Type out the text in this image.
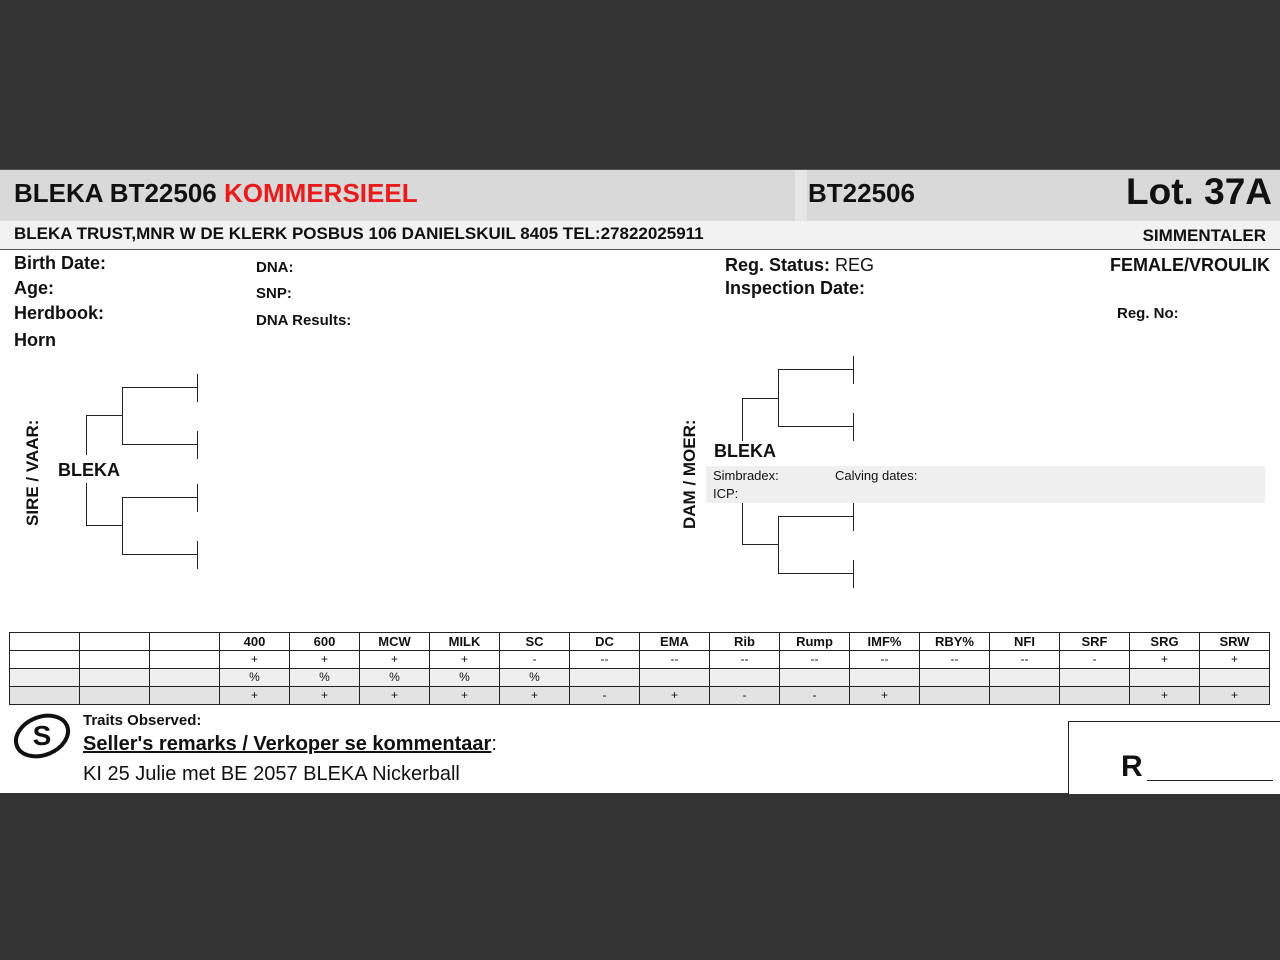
BLEKA BT22506 KOMMERSIEEL	BT22506	Lot. 37A
BLEKA TRUST,MNR W DE KLERK POSBUS 106 DANIELSKUIL 8405 TEL:27822025911	SIMMENTALER
Birth Date:
Age:
Herdbook:
Horn
DNA:
SNP:
DNA Results:
Reg. Status: REG
Inspection Date:
FEMALE/VROULIK
Reg. No:
SIRE / VAAR: BLEKA	DAM / MOER: BLEKA
Simbradex:	Calving dates:
ICP:
			400	600	MCW	MILK	SC	DC	EMA	Rib	Rump	IMF%	RBY%	NFI	SRF	SRG	SRW
			+	+	+	+	-	--	--	--	--	--	--	--	-	+	+
			%	%	%	%	%										
			+	+	+	+	+	-	+	-	-	+				+	+
S Traits Observed:
Seller's remarks / Verkoper se kommentaar:
KI 25 Julie met BE 2057 BLEKA Nickerball	R
